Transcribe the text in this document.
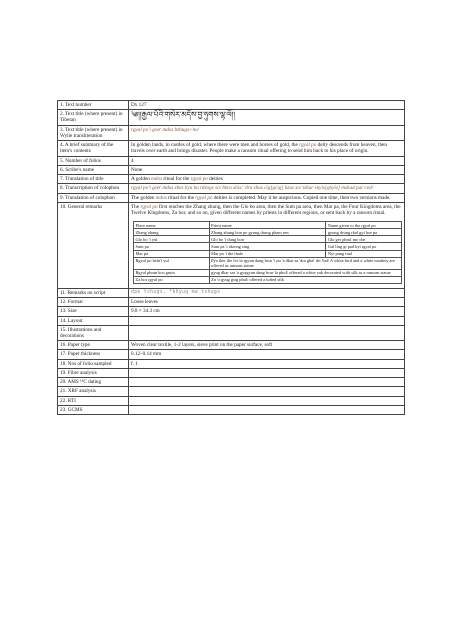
1. Text number	Dx 127
2. Text title (where present) in Tibetan	༄།།རྒྱལ་པོའི་གསེར་མདོས་བྱ་ཧུགས་ལྷ་ལོ།།
3. Text title (where present) in Wylie transliteration	rgyal po'i gser mdos bzhugs+ho/
4. A brief summary of the item's contents	In golden lands, in castles of gold, where there were men and horses of gold, the rgyal po deity descends from heaven, then travels over earth and brings disaster. People make a ransom ritual offering to send him back to his place of origin.
5. Number of folios	4
6. Scribe's name	None
7. Translation of title	A golden mdos ritual for the rgyal po deities
8. Transcription of colophon	rgyal po'i gser mdos zhes bya ba rdzogs so/ bkra shis/ 'dra shus cig[gcig] bzus so/ tshar snyis[gnyis] mdzad par ced/
9. Translation of colophon	The golden mdos ritual for the rgyal po deities is completed. May it be auspicious. Copied one time, then two versions made.
10. General remarks	The rgyal po first reaches the Zhang zhung, then the Glo bo area, then the Sum pa area, then Mar pa, the Four Kingdoms area, the Twelve Kingdoms, Za hor, and so on, given different names by priests in different regions, or sent back by a ransom ritual.

Place name	Priest name	Name given to the rgyal po
Zhang zhung	Zhang zhung bon po gyung drung pham sen	gyung drung rkal gyi bse pa
Glo bo 'i yul	Glo bo 'i dung bon	Glo ger phrul mo che
Sum pa	Sum pa 'i rdzong sing	Gal ling gi pad kyi rgyal po
Mar pa	Mar pa 'i the thale	Nyi pang rnal
Rgyal po bzhi'i yul	Pya ther the for la rgyun dang bsur 'i pu 'a dkar sa 'dra gba! dri 'bal/ A white bird and a white monkey are offered as ransom statue
Rgyal phran bcu gnyis	gyug dkar sar 'a gyagyun dang bcur la phul/ offered a white yak decorated with silk as a ransom statue
Za hor rgyal po	Za 'o gyug gsig phul/ offered a tufted silk

11. Remarks on script	dpe tshugs, *khyug ma tshugs
12. Format	Loose leaves
13. Size	9.8 × 34.3 cm
14. Layout	
15. Illustrations and decorations	
16. Paper type	Woven clear textile, 1-2 layers, sieve print on the paper surface, soft
17. Paper thickness	0.12–0.14 mm
18. Nos of folio sampled	f. 1
19. Fibre analysis	
20. AMS ¹⁴C dating	
21. XRF analysis	
22. RTI	
23. GCMS	
